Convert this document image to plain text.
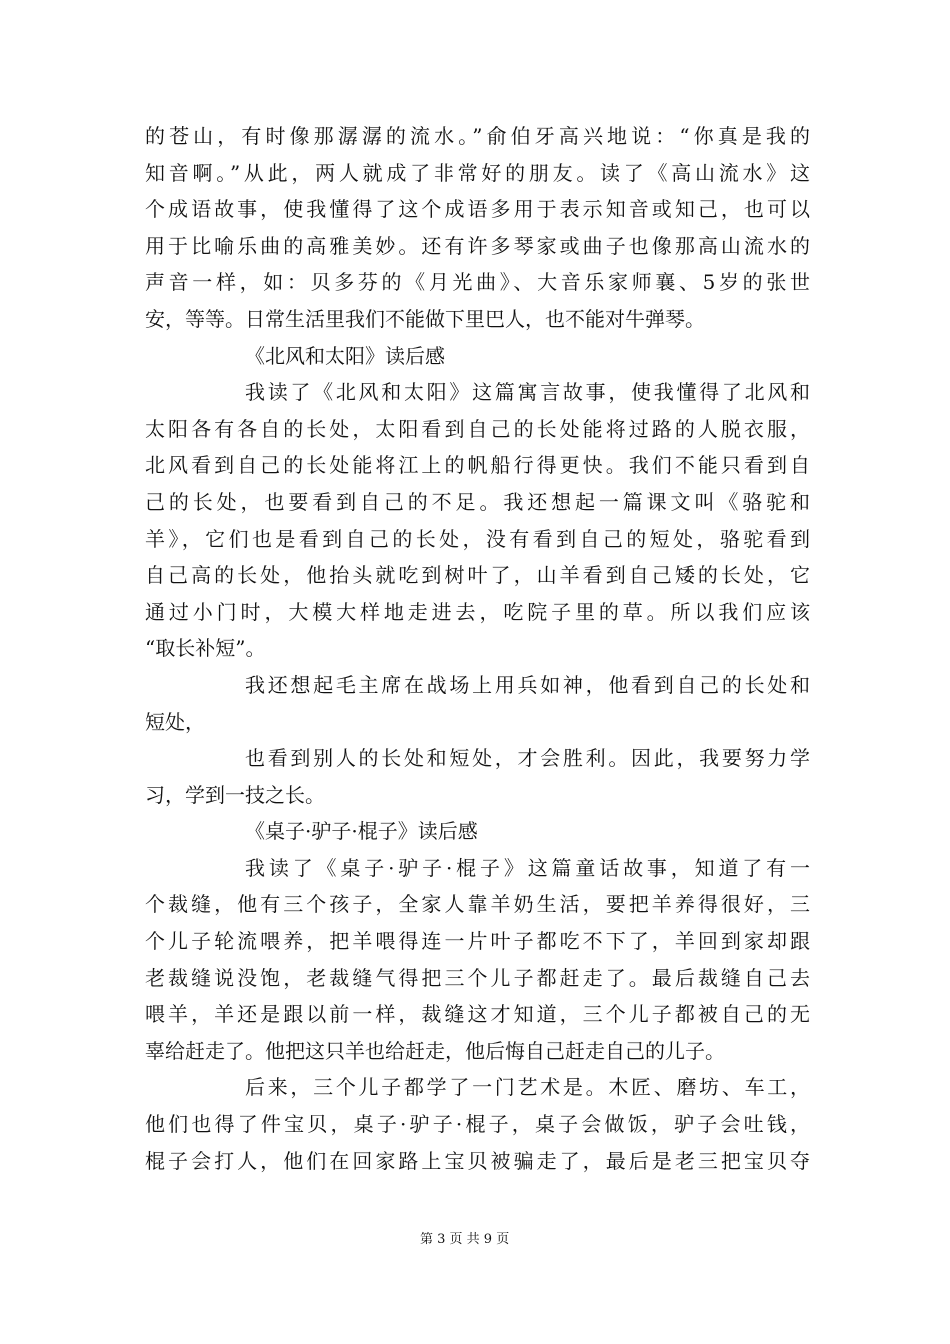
的苍山，有时像那潺潺的流水。”俞伯牙高兴地说：“你真是我的
知音啊。”从此，两人就成了非常好的朋友。读了《高山流水》这
个成语故事，使我懂得了这个成语多用于表示知音或知己，也可以
用于比喻乐曲的高雅美妙。还有许多琴家或曲子也像那高山流水的
声音一样，如：贝多芬的《月光曲》、大音乐家师襄、5岁的张世
安，等等。日常生活里我们不能做下里巴人，也不能对牛弹琴。
《北风和太阳》读后感
我读了《北风和太阳》这篇寓言故事，使我懂得了北风和
太阳各有各自的长处，太阳看到自己的长处能将过路的人脱衣服，
北风看到自己的长处能将江上的帆船行得更快。我们不能只看到自
己的长处，也要看到自己的不足。我还想起一篇课文叫《骆驼和
羊》，它们也是看到自己的长处，没有看到自己的短处，骆驼看到
自己高的长处，他抬头就吃到树叶了，山羊看到自己矮的长处，它
通过小门时，大模大样地走进去，吃院子里的草。所以我们应该
“取长补短”。
我还想起毛主席在战场上用兵如神，他看到自己的长处和
短处，
也看到别人的长处和短处，才会胜利。因此，我要努力学
习，学到一技之长。
《桌子·驴子·棍子》读后感
我读了《桌子·驴子·棍子》这篇童话故事，知道了有一
个裁缝，他有三个孩子，全家人靠羊奶生活，要把羊养得很好，三
个儿子轮流喂养，把羊喂得连一片叶子都吃不下了，羊回到家却跟
老裁缝说没饱，老裁缝气得把三个儿子都赶走了。最后裁缝自己去
喂羊，羊还是跟以前一样，裁缝这才知道，三个儿子都被自己的无
辜给赶走了。他把这只羊也给赶走，他后悔自己赶走自己的儿子。
后来，三个儿子都学了一门艺术是。木匠、磨坊、车工，
他们也得了件宝贝，桌子·驴子·棍子，桌子会做饭，驴子会吐钱，
棍子会打人，他们在回家路上宝贝被骗走了，最后是老三把宝贝夺
第 3 页 共 9 页
